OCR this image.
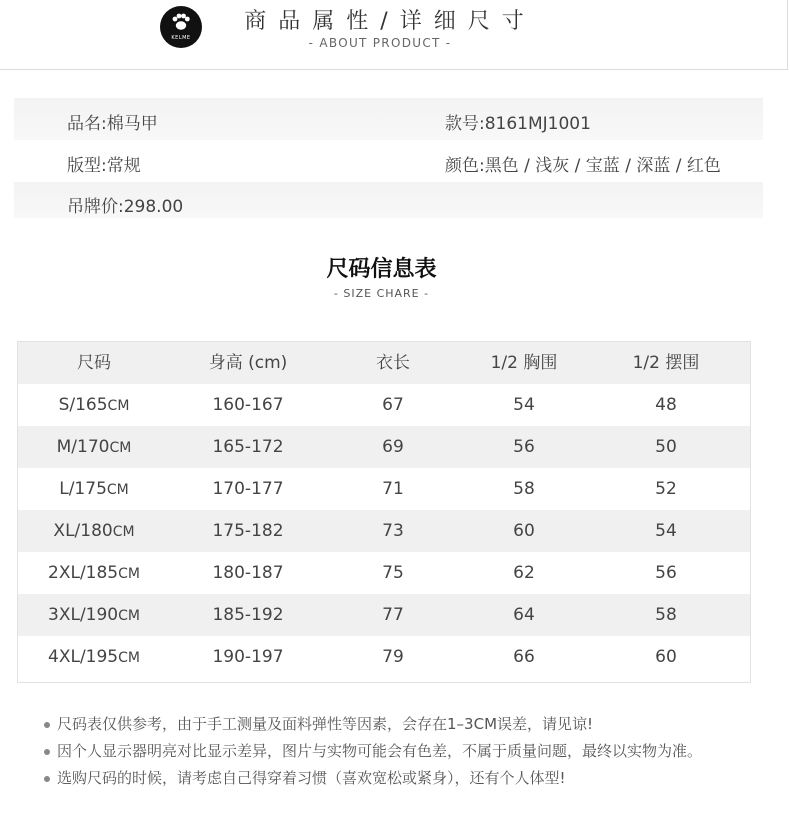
KELME
商品属性/详细尺寸
- ABOUT PRODUCT -
品名:棉马甲	款号:8161MJ1001
版型:常规	颜色:黑色 / 浅灰 / 宝蓝 / 深蓝 / 红色
吊牌价:298.00
尺码信息表
- SIZE CHARE -
尺码	身高 (cm)	衣长	1/2 胸围	1/2 摆围
S/165CM	160-167	67	54	48
M/170CM	165-172	69	56	50
L/175CM	170-177	71	58	52
XL/180CM	175-182	73	60	54
2XL/185CM	180-187	75	62	56
3XL/190CM	185-192	77	64	58
4XL/195CM	190-197	79	66	60
尺码表仅供参考，由于手工测量及面料弹性等因素，会存在1–3CM误差，请见谅!
因个人显示器明亮对比显示差异，图片与实物可能会有色差，不属于质量问题，最终以实物为准。
选购尺码的时候，请考虑自己得穿着习惯（喜欢宽松或紧身），还有个人体型!
